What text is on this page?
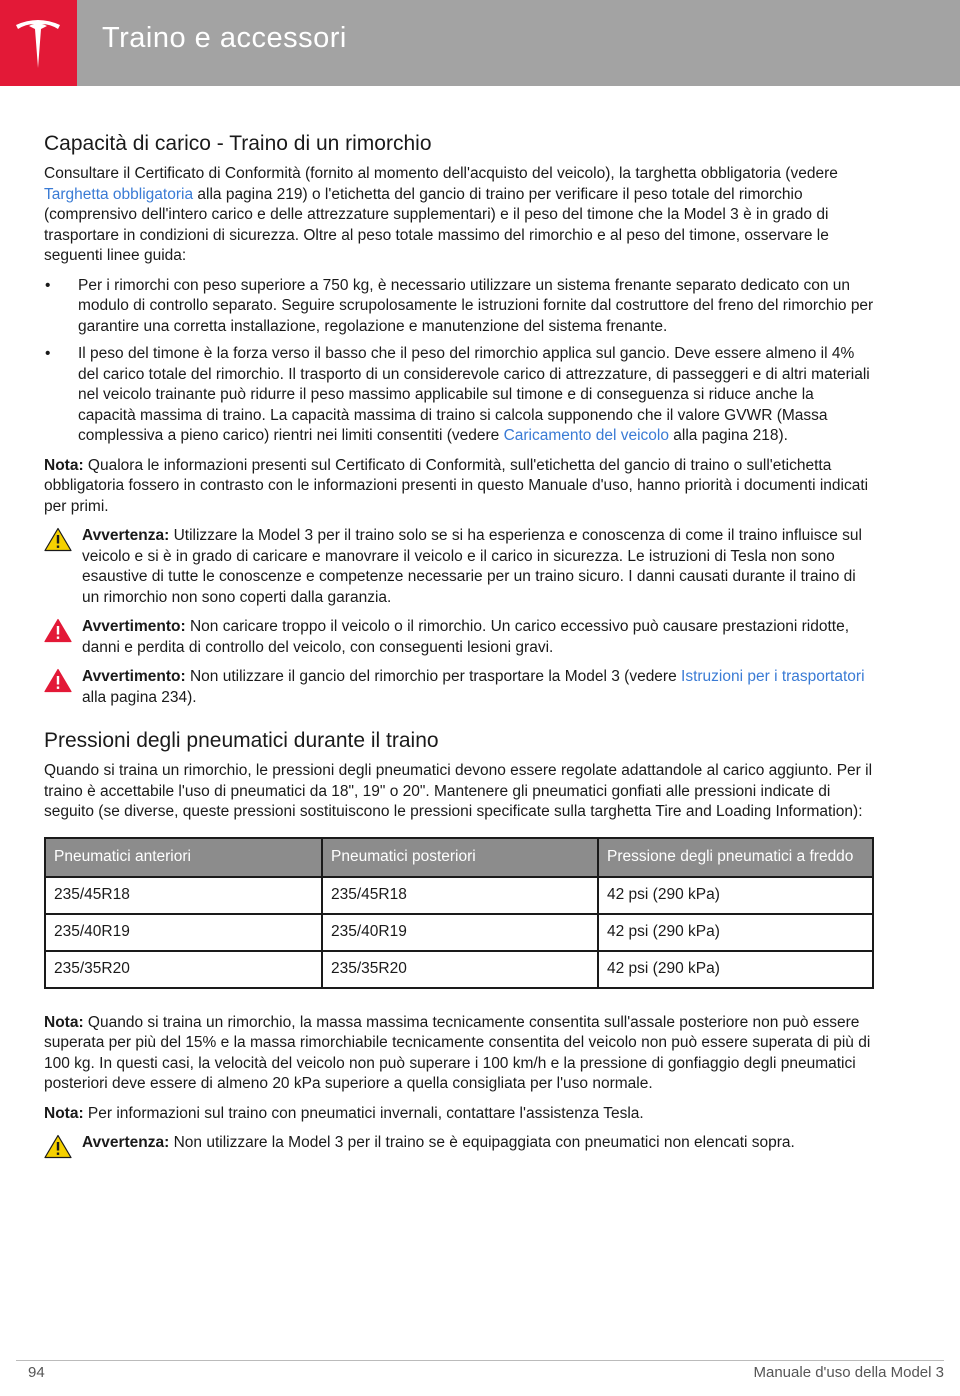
Traino e accessori
Capacità di carico - Traino di un rimorchio

Consultare il Certificato di Conformità (fornito al momento dell'acquisto del veicolo), la targhetta obbligatoria (vedere Targhetta obbligatoria alla pagina 219) o l'etichetta del gancio di traino per verificare il peso totale del rimorchio (comprensivo dell'intero carico e delle attrezzature supplementari) e il peso del timone che la Model 3 è in grado di trasportare in condizioni di sicurezza. Oltre al peso totale massimo del rimorchio e al peso del timone, osservare le seguenti linee guida:

• Per i rimorchi con peso superiore a 750 kg, è necessario utilizzare un sistema frenante separato dedicato con un modulo di controllo separato. Seguire scrupolosamente le istruzioni fornite dal costruttore del freno del rimorchio per garantire una corretta installazione, regolazione e manutenzione del sistema frenante.
• Il peso del timone è la forza verso il basso che il peso del rimorchio applica sul gancio. Deve essere almeno il 4% del carico totale del rimorchio. Il trasporto di un considerevole carico di attrezzature, di passeggeri e di altri materiali nel veicolo trainante può ridurre il peso massimo applicabile sul timone e di conseguenza si riduce anche la capacità massima di traino. La capacità massima di traino si calcola supponendo che il valore GVWR (Massa complessiva a pieno carico) rientri nei limiti consentiti (vedere Caricamento del veicolo alla pagina 218).

Nota: Qualora le informazioni presenti sul Certificato di Conformità, sull'etichetta del gancio di traino o sull'etichetta obbligatoria fossero in contrasto con le informazioni presenti in questo Manuale d'uso, hanno priorità i documenti indicati per primi.

Avvertenza: Utilizzare la Model 3 per il traino solo se si ha esperienza e conoscenza di come il traino influisce sul veicolo e si è in grado di caricare e manovrare il veicolo e il carico in sicurezza. Le istruzioni di Tesla non sono esaustive di tutte le conoscenze e competenze necessarie per un traino sicuro. I danni causati durante il traino di un rimorchio non sono coperti dalla garanzia.

Avvertimento: Non caricare troppo il veicolo o il rimorchio. Un carico eccessivo può causare prestazioni ridotte, danni e perdita di controllo del veicolo, con conseguenti lesioni gravi.

Avvertimento: Non utilizzare il gancio del rimorchio per trasportare la Model 3 (vedere Istruzioni per i trasportatori alla pagina 234).

Pressioni degli pneumatici durante il traino

Quando si traina un rimorchio, le pressioni degli pneumatici devono essere regolate adattandole al carico aggiunto. Per il traino è accettabile l'uso di pneumatici da 18", 19" o 20". Mantenere gli pneumatici gonfiati alle pressioni indicate di seguito (se diverse, queste pressioni sostituiscono le pressioni specificate sulla targhetta Tire and Loading Information):

Pneumatici anteriori	Pneumatici posteriori	Pressione degli pneumatici a freddo
235/45R18	235/45R18	42 psi (290 kPa)
235/40R19	235/40R19	42 psi (290 kPa)
235/35R20	235/35R20	42 psi (290 kPa)

Nota: Quando si traina un rimorchio, la massa massima tecnicamente consentita sull'assale posteriore non può essere superata per più del 15% e la massa rimorchiabile tecnicamente consentita del veicolo non può essere superata di più di 100 kg. In questi casi, la velocità del veicolo non può superare i 100 km/h e la pressione di gonfiaggio degli pneumatici posteriori deve essere di almeno 20 kPa superiore a quella consigliata per l'uso normale.

Nota: Per informazioni sul traino con pneumatici invernali, contattare l'assistenza Tesla.

Avvertenza: Non utilizzare la Model 3 per il traino se è equipaggiata con pneumatici non elencati sopra.

94	Manuale d'uso della Model 3
